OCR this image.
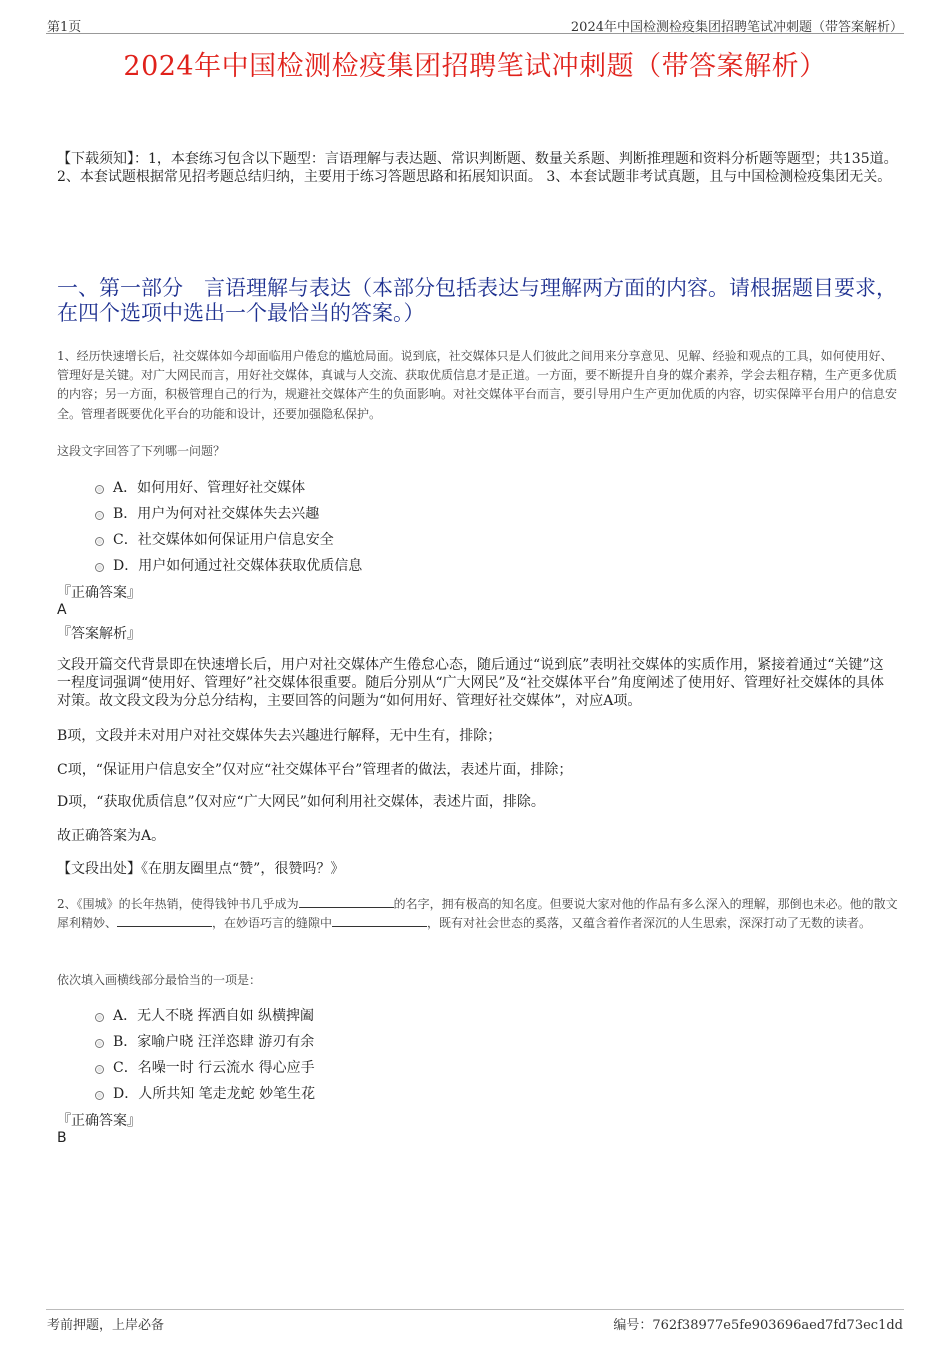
第1页	2024年中国检测检疫集团招聘笔试冲刺题（带答案解析）
2024年中国检测检疫集团招聘笔试冲刺题（带答案解析）
【下载须知】：1，本套练习包含以下题型：言语理解与表达题、常识判断题、数量关系题、判断推理题和资料分析题等题型；共135道。 2、本套试题根据常见招考题总结归纳，主要用于练习答题思路和拓展知识面。 3、本套试题非考试真题，且与中国检测检疫集团无关。
一、第一部分　言语理解与表达（本部分包括表达与理解两方面的内容。请根据题目要求，在四个选项中选出一个最恰当的答案。）
1、经历快速增长后，社交媒体如今却面临用户倦怠的尴尬局面。说到底，社交媒体只是人们彼此之间用来分享意见、见解、经验和观点的工具，如何使用好、管理好是关键。对广大网民而言，用好社交媒体，真诚与人交流、获取优质信息才是正道。一方面，要不断提升自身的媒介素养，学会去粗存精，生产更多优质的内容；另一方面，积极管理自己的行为，规避社交媒体产生的负面影响。对社交媒体平台而言，要引导用户生产更加优质的内容，切实保障平台用户的信息安全。管理者既要优化平台的功能和设计，还要加强隐私保护。
这段文字回答了下列哪一问题？
A． 如何用好、管理好社交媒体
B． 用户为何对社交媒体失去兴趣
C． 社交媒体如何保证用户信息安全
D． 用户如何通过社交媒体获取优质信息
『正确答案』
A
『答案解析』
文段开篇交代背景即在快速增长后，用户对社交媒体产生倦怠心态，随后通过“说到底”表明社交媒体的实质作用，紧接着通过“关键”这一程度词强调“使用好、管理好”社交媒体很重要。随后分别从“广大网民”及“社交媒体平台”角度阐述了使用好、管理好社交媒体的具体对策。故文段文段为分总分结构，主要回答的问题为“如何用好、管理好社交媒体”，对应A项。
B项，文段并未对用户对社交媒体失去兴趣进行解释，无中生有，排除；
C项，“保证用户信息安全”仅对应“社交媒体平台”管理者的做法，表述片面，排除；
D项，“获取优质信息”仅对应“广大网民”如何利用社交媒体，表述片面，排除。
故正确答案为A。
【文段出处】《在朋友圈里点“赞”，很赞吗？》
2、《围城》的长年热销，使得钱钟书几乎成为	的名字，拥有极高的知名度。但要说大家对他的作品有多么深入的理解，那倒也未必。他的散文犀利精妙、	，在妙语巧言的缝隙中	，既有对社会世态的奚落，又蕴含着作者深沉的人生思索，深深打动了无数的读者。
依次填入画横线部分最恰当的一项是：
A． 无人不晓 挥洒自如 纵横捭阖
B． 家喻户晓 汪洋恣肆 游刃有余
C． 名噪一时 行云流水 得心应手
D． 人所共知 笔走龙蛇 妙笔生花
『正确答案』
B
考前押题，上岸必备	编号：762f38977e5fe903696aed7fd73ec1dd
